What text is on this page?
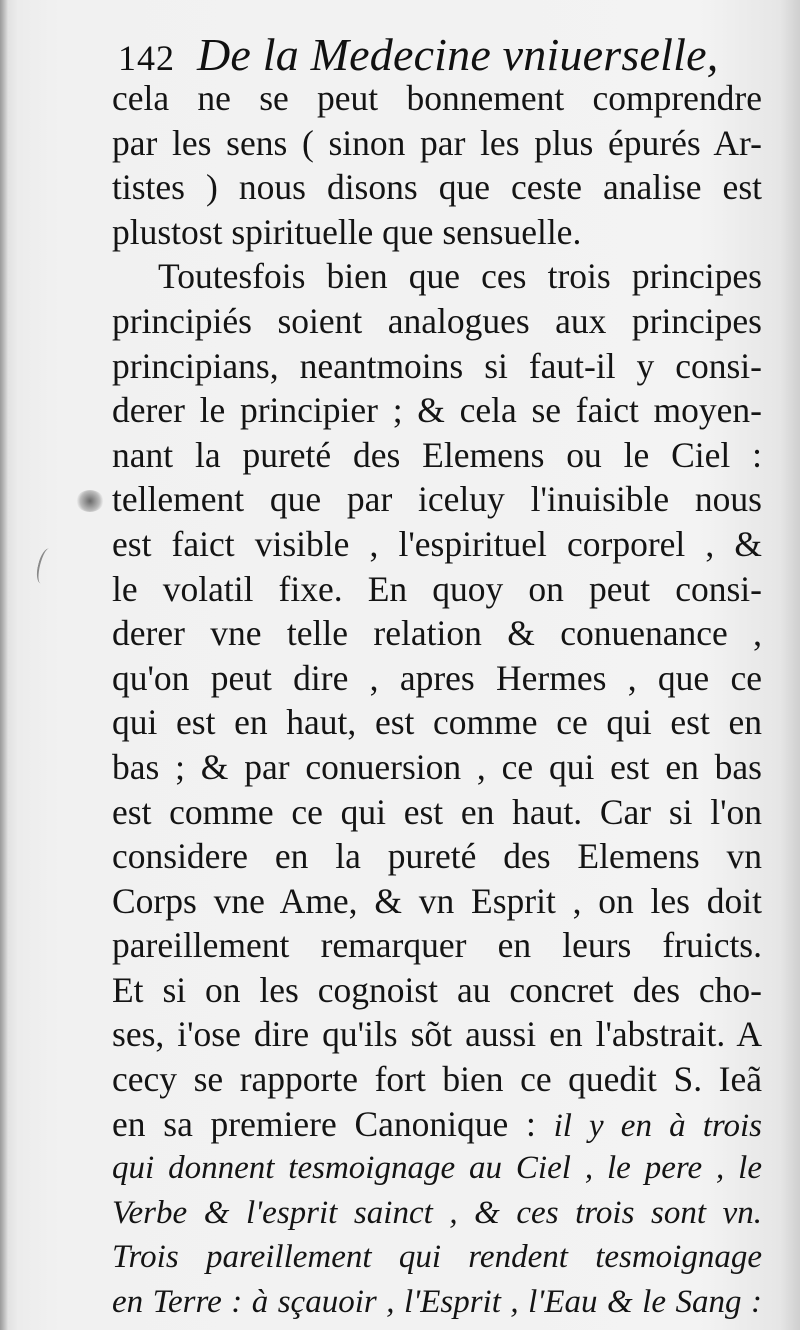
142 De la Medecine vniuerselle,
cela ne se peut bonnement comprendre
par les sens ( sinon par les plus épurés Ar-
tistes ) nous disons que ceste analise est
plustost spirituelle que sensuelle.
Toutesfois bien que ces trois principes
principiés soient analogues aux principes
principians, neantmoins si faut-il y consi-
derer le principier ; & cela se faict moyen-
nant la pureté des Elemens ou le Ciel :
tellement que par iceluy l'inuisible nous
est faict visible , l'espirituel corporel , &
le volatil fixe. En quoy on peut consi-
derer vne telle relation & conuenance ,
qu'on peut dire , apres Hermes , que ce
qui est en haut, est comme ce qui est en
bas ; & par conuersion , ce qui est en bas
est comme ce qui est en haut. Car si l'on
considere en la pureté des Elemens vn
Corps vne Ame, & vn Esprit , on les doit
pareillement remarquer en leurs fruicts.
Et si on les cognoist au concret des cho-
ses, i'ose dire qu'ils sõt aussi en l'abstrait. A
cecy se rapporte fort bien ce quedit S. Ieã
en sa premiere Canonique : il y en à trois
qui donnent tesmoignage au Ciel , le pere , le
Verbe & l'esprit sainct , & ces trois sont vn.
Trois pareillement qui rendent tesmoignage
en Terre : à sçauoir , l'Esprit , l'Eau & le Sang :
